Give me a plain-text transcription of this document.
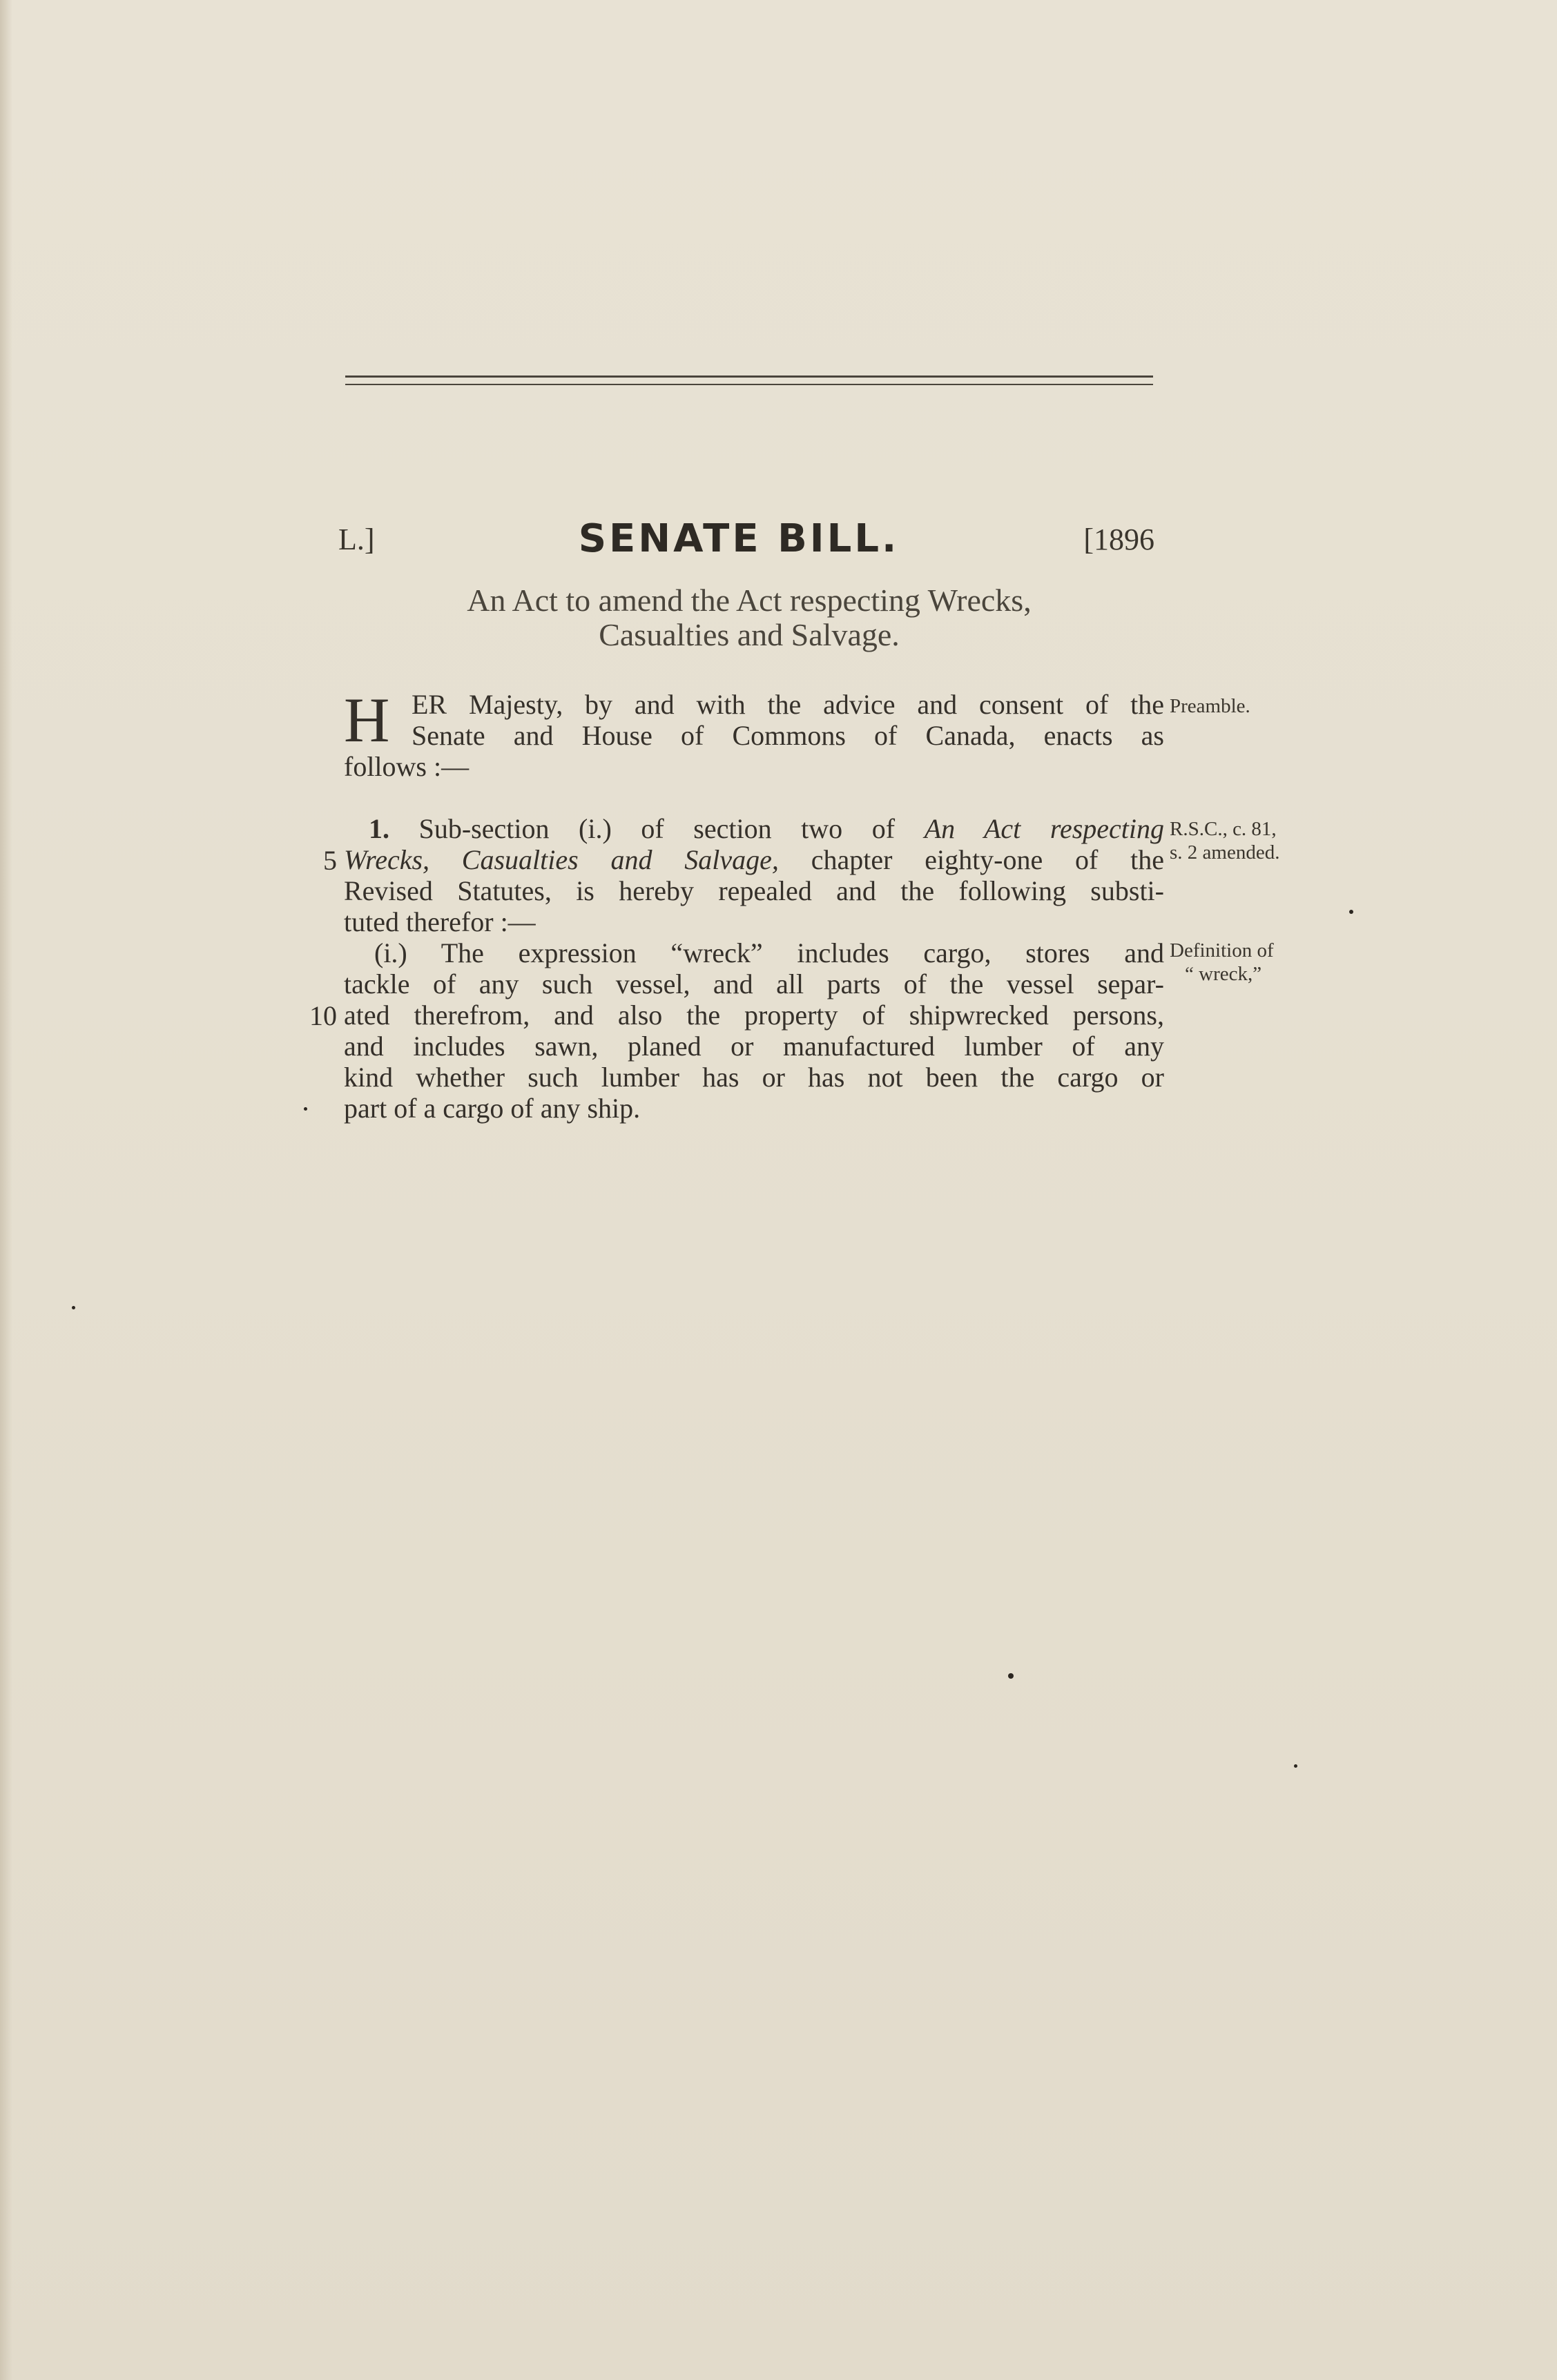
L.]	SENATE BILL.	[1896
An Act to amend the Act respecting Wrecks,
Casualties and Salvage.
H ER Majesty, by and with the advice and consent of the
Senate and House of Commons of Canada, enacts as
follows :—
1. Sub-section (i.) of section two of An Act respecting
Wrecks, Casualties and Salvage, chapter eighty-one of the
Revised Statutes, is hereby repealed and the following substi-
tuted therefor :—
(i.) The expression “wreck” includes cargo, stores and
tackle of any such vessel, and all parts of the vessel separ-
ated therefrom, and also the property of shipwrecked persons,
and includes sawn, planed or manufactured lumber of any
kind whether such lumber has or has not been the cargo or
part of a cargo of any ship.
5
10
Preamble.
R.S.C., c. 81,
s. 2 amended.
Definition of
“ wreck,”
